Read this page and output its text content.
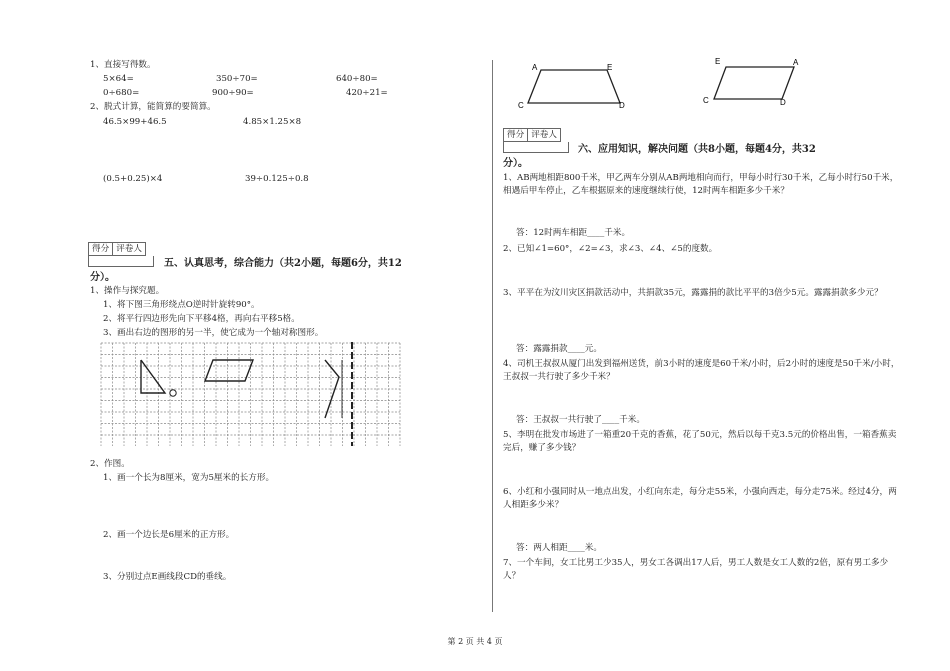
1、直接写得数。
5×64=	350÷70=	640÷80=
0÷680=	900÷90=	420÷21=
2、脱式计算，能简算的要简算。
46.5×99+46.5	4.85×1.25×8
(0.5+0.25)×4	39÷0.125÷0.8
得分 评卷人
五、认真思考，综合能力（共2小题，每题6分，共12
分）。
1、操作与探究题。
1、将下图三角形绕点O逆时针旋转90°。
2、将平行四边形先向下平移4格，再向右平移5格。
3、画出右边的图形的另一半，使它成为一个轴对称图形。
2、作图。
1、画一个长为8厘米，宽为5厘米的长方形。
2、画一个边长是6厘米的正方形。
3、分别过点E画线段CD的垂线。
A	E
C	D
E	A
C	D
得分 评卷人
六、应用知识，解决问题（共8小题，每题4分，共32
分）。
1、AB两地相距800千米，甲乙两车分别从AB两地相向而行，甲每小时行30千米，乙每小时行50千米，相遇后甲车停止，乙车根据原来的速度继续行使，12时两车相距多少千米？
答：12时两车相距____千米。
2、已知∠1=60°，∠2=∠3，求∠3、∠4、∠5的度数。
3、平平在为汶川灾区捐款活动中，共捐款35元，露露捐的款比平平的3倍少5元。露露捐款多少元？
答：露露捐款____元。
4、司机王叔叔从厦门出发到福州送货，前3小时的速度是60千米/小时，后2小时的速度是50千米/小时，王叔叔一共行驶了多少千米？
答：王叔叔一共行驶了____千米。
5、李明在批发市场进了一箱重20千克的香蕉，花了50元，然后以每千克3.5元的价格出售，一箱香蕉卖完后，赚了多少钱？
6、小红和小强同时从一地点出发，小红向东走，每分走55米，小强向西走，每分走75米。经过4分，两人相距多少米？
答：两人相距____米。
7、一个车间，女工比男工少35人，男女工各调出17人后，男工人数是女工人数的2倍，原有男工多少人？
第 2 页 共 4 页
